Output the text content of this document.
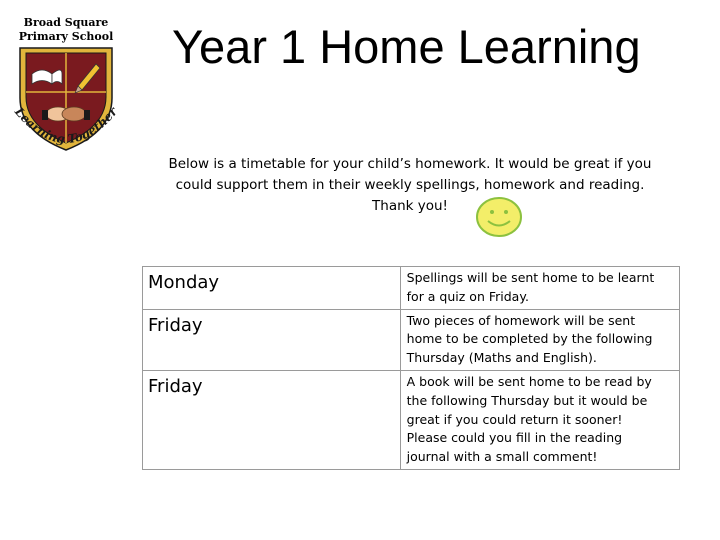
Broad Square
Primary School
Learning Together
Year 1 Home Learning

Below is a timetable for your child’s homework. It would be great if you
could support them in their weekly spellings, homework and reading.
Thank you!

Monday	Spellings will be sent home to be learnt
for a quiz on Friday.

Friday	Two pieces of homework will be sent
home to be completed by the following
Thursday (Maths and English).

Friday	A book will be sent home to be read by
the following Thursday but it would be
great if you could return it sooner!
Please could you fill in the reading
journal with a small comment!
